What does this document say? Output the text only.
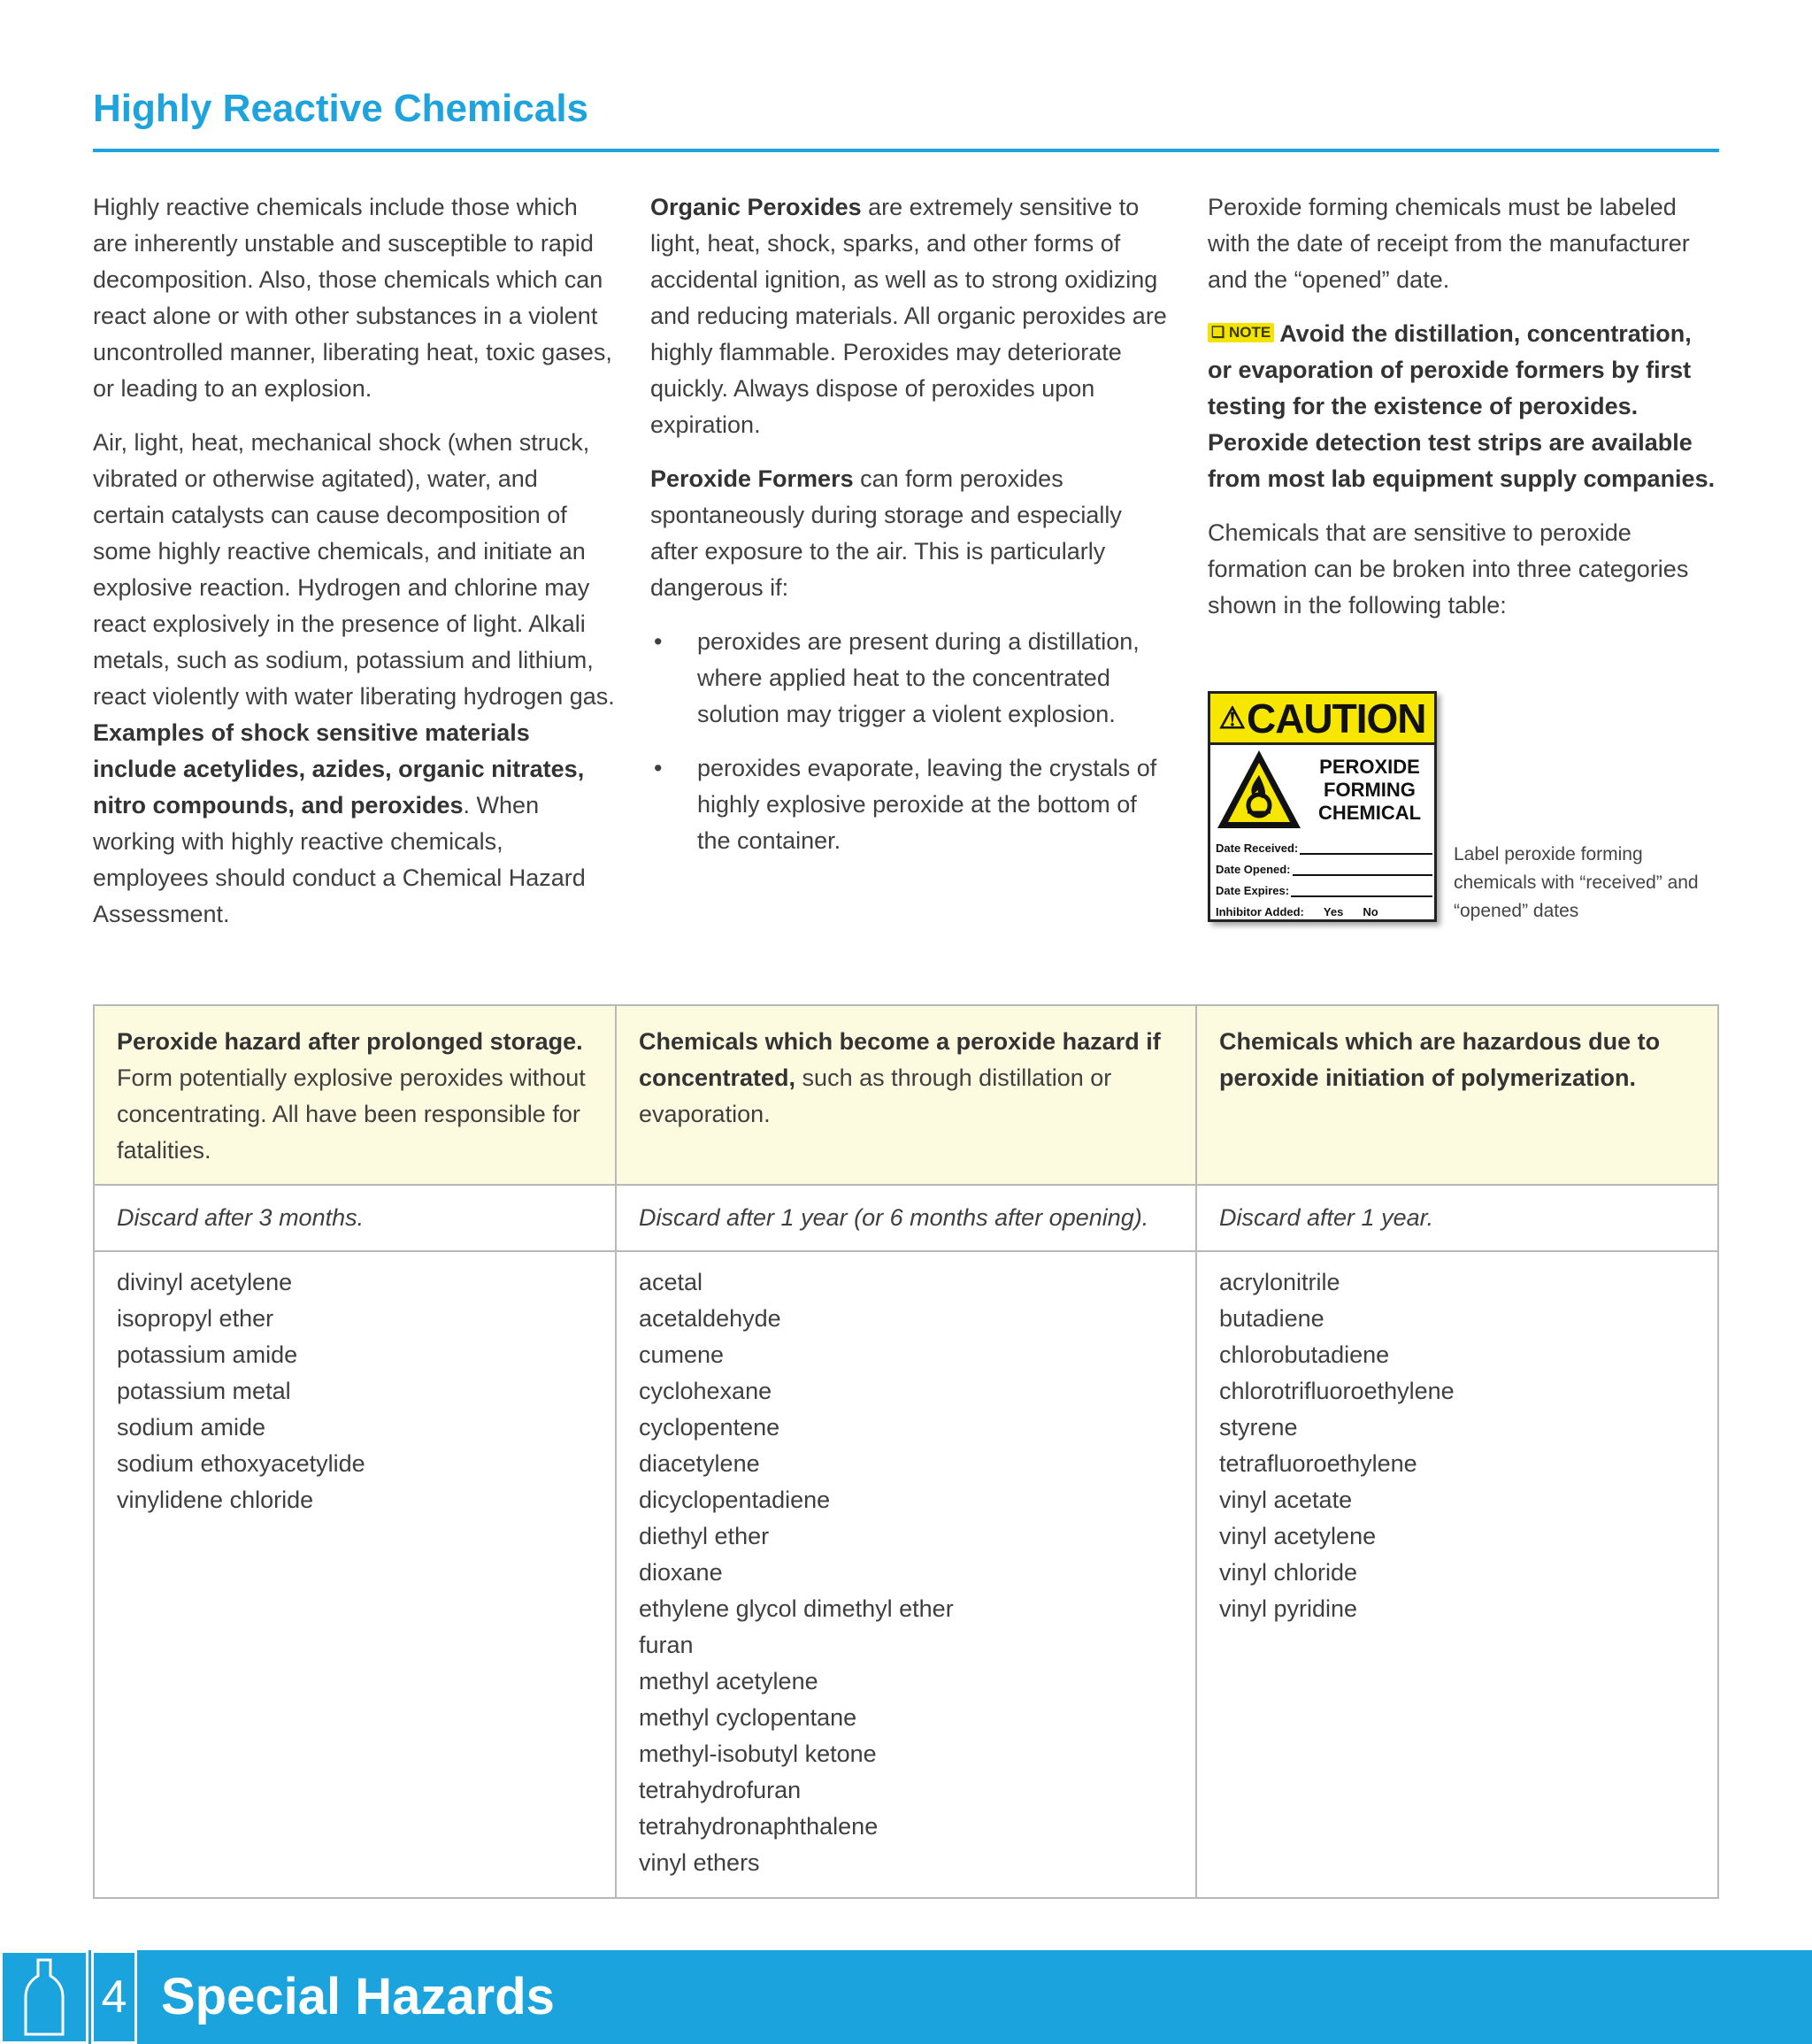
Highly Reactive Chemicals

Highly reactive chemicals include those which are inherently unstable and susceptible to rapid decomposition. Also, those chemicals which can react alone or with other substances in a violent uncontrolled manner, liberating heat, toxic gases, or leading to an explosion.

Air, light, heat, mechanical shock (when struck, vibrated or otherwise agitated), water, and certain catalysts can cause decomposition of some highly reactive chemicals, and initiate an explosive reaction. Hydrogen and chlorine may react explosively in the presence of light. Alkali metals, such as sodium, potassium and lithium, react violently with water liberating hydrogen gas. Examples of shock sensitive materials include acetylides, azides, organic nitrates, nitro compounds, and peroxides. When working with highly reactive chemicals, employees should conduct a Chemical Hazard Assessment.

Organic Peroxides are extremely sensitive to light, heat, shock, sparks, and other forms of accidental ignition, as well as to strong oxidizing and reducing materials. All organic peroxides are highly flammable. Peroxides may deteriorate quickly. Always dispose of peroxides upon expiration.

Peroxide Formers can form peroxides spontaneously during storage and especially after exposure to the air. This is particularly dangerous if:

• peroxides are present during a distillation, where applied heat to the concentrated solution may trigger a violent explosion.
• peroxides evaporate, leaving the crystals of highly explosive peroxide at the bottom of the container.

Peroxide forming chemicals must be labeled with the date of receipt from the manufacturer and the “opened” date.

❑ NOTE Avoid the distillation, concentration, or evaporation of peroxide formers by first testing for the existence of peroxides. Peroxide detection test strips are available from most lab equipment supply companies.

Chemicals that are sensitive to peroxide formation can be broken into three categories shown in the following table:

⚠ CAUTION
PEROXIDE
FORMING
CHEMICAL
Date Received:
Date Opened:
Date Expires:
Inhibitor Added: Yes No
Label peroxide forming chemicals with “received” and “opened” dates
Peroxide hazard after prolonged storage. Form potentially explosive peroxides without concentrating. All have been responsible for fatalities.
Chemicals which become a peroxide hazard if concentrated, such as through distillation or evaporation.
Chemicals which are hazardous due to peroxide initiation of polymerization.
Discard after 3 months.	Discard after 1 year (or 6 months after opening).	Discard after 1 year.
divinyl acetylene
isopropyl ether
potassium amide
potassium metal
sodium amide
sodium ethoxyacetylide
vinylidene chloride
acetal
acetaldehyde
cumene
cyclohexane
cyclopentene
diacetylene
dicyclopentadiene
diethyl ether
dioxane
ethylene glycol dimethyl ether
furan
methyl acetylene
methyl cyclopentane
methyl-isobutyl ketone
tetrahydrofuran
tetrahydronaphthalene
vinyl ethers
acrylonitrile
butadiene
chlorobutadiene
chlorotrifluoroethylene
styrene
tetrafluoroethylene
vinyl acetate
vinyl acetylene
vinyl chloride
vinyl pyridine
4 Special Hazards
